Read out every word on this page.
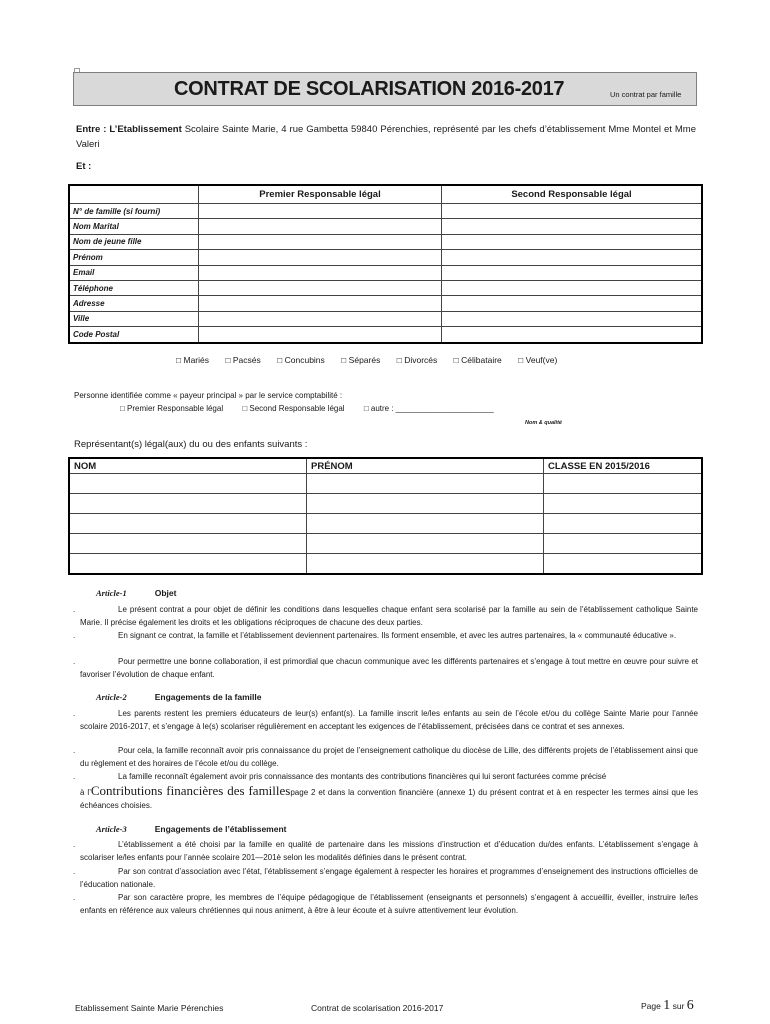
CONTRAT DE SCOLARISATION 2016-2017	Un contrat par famille
Entre : L’Etablissement Scolaire Sainte Marie, 4 rue Gambetta 59840 Pérenchies, représenté par les chefs d’établissement Mme Montel et Mme Valeri
Et :
	Premier Responsable légal	Second Responsable légal
N° de famille (si fourni)		
Nom Marital		
Nom de jeune fille		
Prénom		
Email		
Téléphone		
Adresse		
Ville		
Code Postal		
□ Mariés □ Pacsés □ Concubins □ Séparés □ Divorcés □ Célibataire □ Veuf(ve)
Personne identifiée comme « payeur principal » par le service comptabilité :
□ Premier Responsable légal □ Second Responsable légal □ autre : ______________________
Nom & qualité
Représentant(s) légal(aux) du ou des enfants suivants :
NOM	PRÉNOM	CLASSE EN 2015/2016

Article-1	Objet
.	Le présent contrat a pour objet de définir les conditions dans lesquelles chaque enfant sera scolarisé par la famille au sein de l’établissement catholique Sainte Marie. Il précise également les droits et les obligations réciproques de chacune des deux parties.
.	En signant ce contrat, la famille et l’établissement deviennent partenaires. Ils forment ensemble, et avec les autres partenaires, la « communauté éducative ».
.	Pour permettre une bonne collaboration, il est primordial que chacun communique avec les différents partenaires et s’engage à tout mettre en œuvre pour suivre et favoriser l’évolution de chaque enfant.
Article-2	Engagements de la famille
.	Les parents restent les premiers éducateurs de leur(s) enfant(s). La famille inscrit le/les enfants au sein de l’école et/ou du collège Sainte Marie pour l’année scolaire 2016-2017, et s’engage à le(s) scolariser régulièrement en acceptant les exigences de l’établissement, précisées dans ce contrat et ses annexes.
.	Pour cela, la famille reconnaît avoir pris connaissance du projet de l’enseignement catholique du diocèse de Lille, des différents projets de l’établissement ainsi que du règlement et des horaires de l’école et/ou du collège.
.	La famille reconnaît également avoir pris connaissance des montants des contributions financières qui lui seront facturées comme précisé
à l’Contributions financières des famillespage 2 et dans la convention financière (annexe 1) du présent contrat et à en respecter les termes ainsi que les échéances choisies.
Article-3	Engagements de l’établissement
.	L’établissement a été choisi par la famille en qualité de partenaire dans les missions d’instruction et d’éducation du/des enfants. L’établissement s’engage à scolariser le/les enfants pour l’année scolaire 201—201è selon les modalités définies dans le présent contrat.
.	Par son contrat d’association avec l’état, l’établissement s’engage également à respecter les horaires et programmes d’enseignement des instructions officielles de l’éducation nationale.
.	Par son caractère propre, les membres de l’équipe pédagogique de l’établissement (enseignants et personnels) s’engagent à accueillir, éveiller, instruire le/les enfants en référence aux valeurs chrétiennes qui nous animent, à être à leur écoute et à suivre attentivement leur évolution.
Etablissement Sainte Marie Pérenchies	Contrat de scolarisation 2016-2017	Page 1 sur 6
